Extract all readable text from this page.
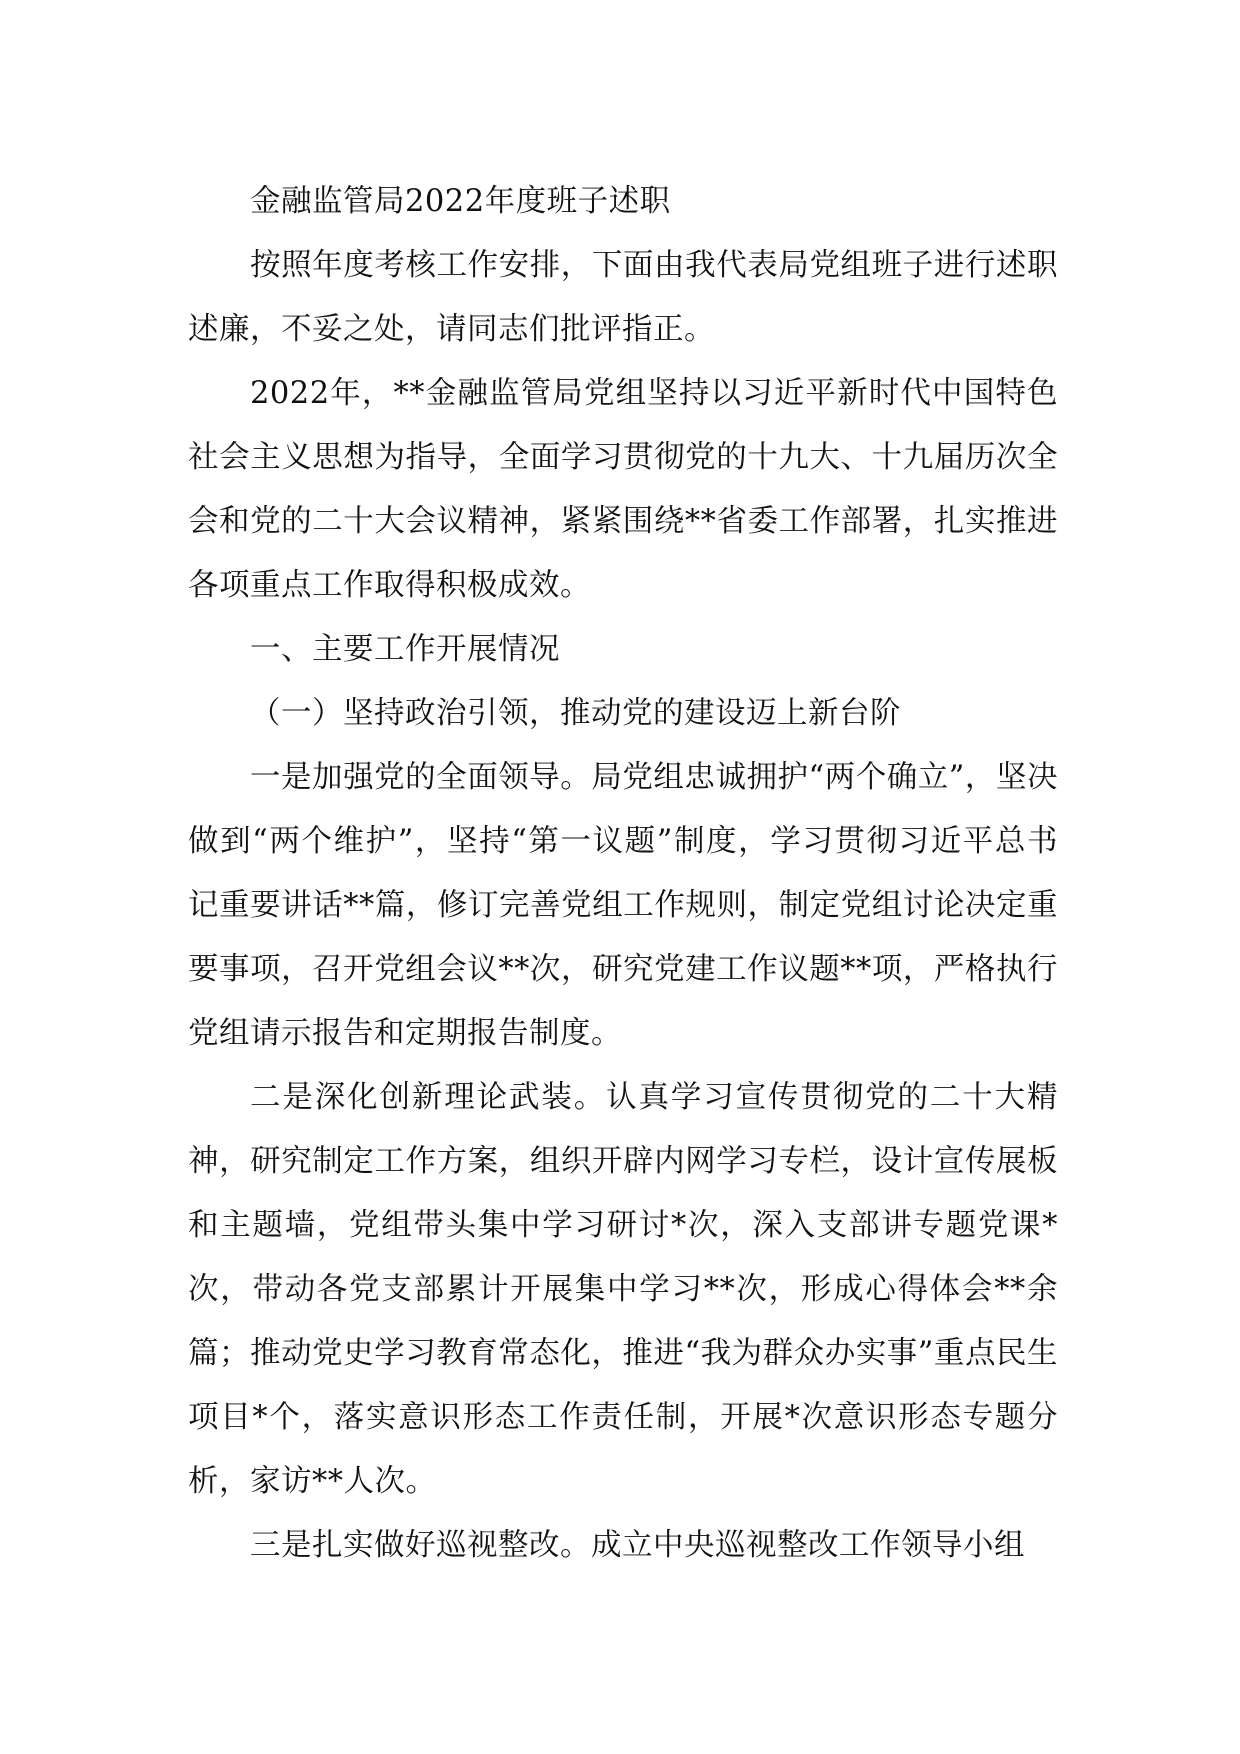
金融监管局2022年度班子述职

按照年度考核工作安排，下面由我代表局党组班子进行述职述廉，不妥之处，请同志们批评指正。

2022年，**金融监管局党组坚持以习近平新时代中国特色社会主义思想为指导，全面学习贯彻党的十九大、十九届历次全会和党的二十大会议精神，紧紧围绕**省委工作部署，扎实推进各项重点工作取得积极成效。

一、主要工作开展情况

（一）坚持政治引领，推动党的建设迈上新台阶

一是加强党的全面领导。局党组忠诚拥护“两个确立”，坚决做到“两个维护”，坚持“第一议题”制度，学习贯彻习近平总书记重要讲话**篇，修订完善党组工作规则，制定党组讨论决定重要事项，召开党组会议**次，研究党建工作议题**项，严格执行党组请示报告和定期报告制度。

二是深化创新理论武装。认真学习宣传贯彻党的二十大精神，研究制定工作方案，组织开辟内网学习专栏，设计宣传展板和主题墙，党组带头集中学习研讨*次，深入支部讲专题党课*次，带动各党支部累计开展集中学习**次，形成心得体会**余篇；推动党史学习教育常态化，推进“我为群众办实事”重点民生项目*个，落实意识形态工作责任制，开展*次意识形态专题分析，家访**人次。

三是扎实做好巡视整改。成立中央巡视整改工作领导小组
